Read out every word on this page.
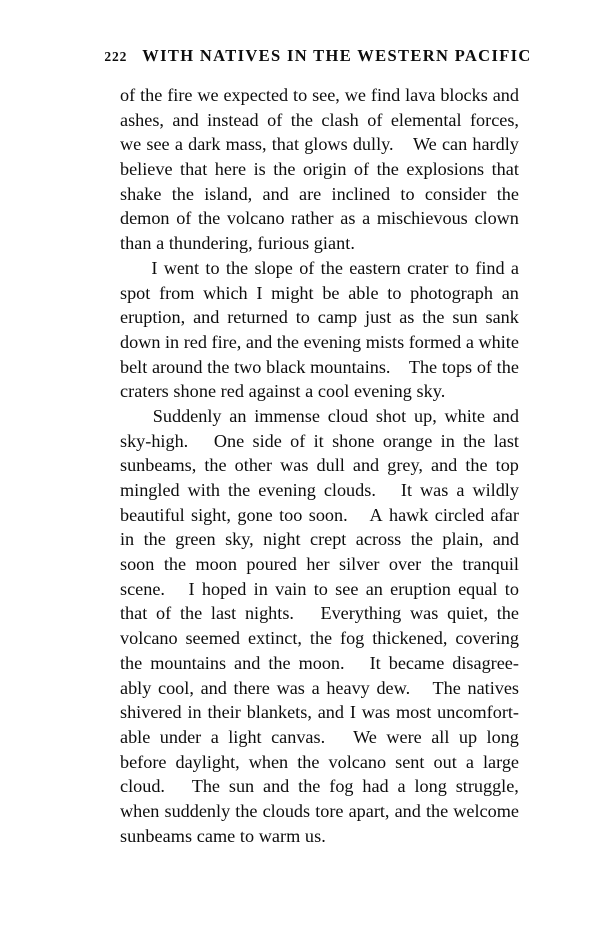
222 WITH NATIVES IN THE WESTERN PACIFIC
of the fire we expected to see, we find lava blocks and
ashes, and instead of the clash of elemental forces,
we see a dark mass, that glows dully. We can hardly
believe that here is the origin of the explosions that
shake the island, and are inclined to consider the
demon of the volcano rather as a mischievous clown
than a thundering, furious giant.
I went to the slope of the eastern crater to find a
spot from which I might be able to photograph an
eruption, and returned to camp just as the sun sank
down in red fire, and the evening mists formed a white
belt around the two black mountains. The tops of the
craters shone red against a cool evening sky.
Suddenly an immense cloud shot up, white and
sky-high. One side of it shone orange in the last
sunbeams, the other was dull and grey, and the top
mingled with the evening clouds. It was a wildly
beautiful sight, gone too soon. A hawk circled afar
in the green sky, night crept across the plain, and
soon the moon poured her silver over the tranquil
scene. I hoped in vain to see an eruption equal to
that of the last nights. Everything was quiet, the
volcano seemed extinct, the fog thickened, covering
the mountains and the moon. It became disagree-
ably cool, and there was a heavy dew. The natives
shivered in their blankets, and I was most uncomfort-
able under a light canvas. We were all up long
before daylight, when the volcano sent out a large
cloud. The sun and the fog had a long struggle,
when suddenly the clouds tore apart, and the welcome
sunbeams came to warm us.
